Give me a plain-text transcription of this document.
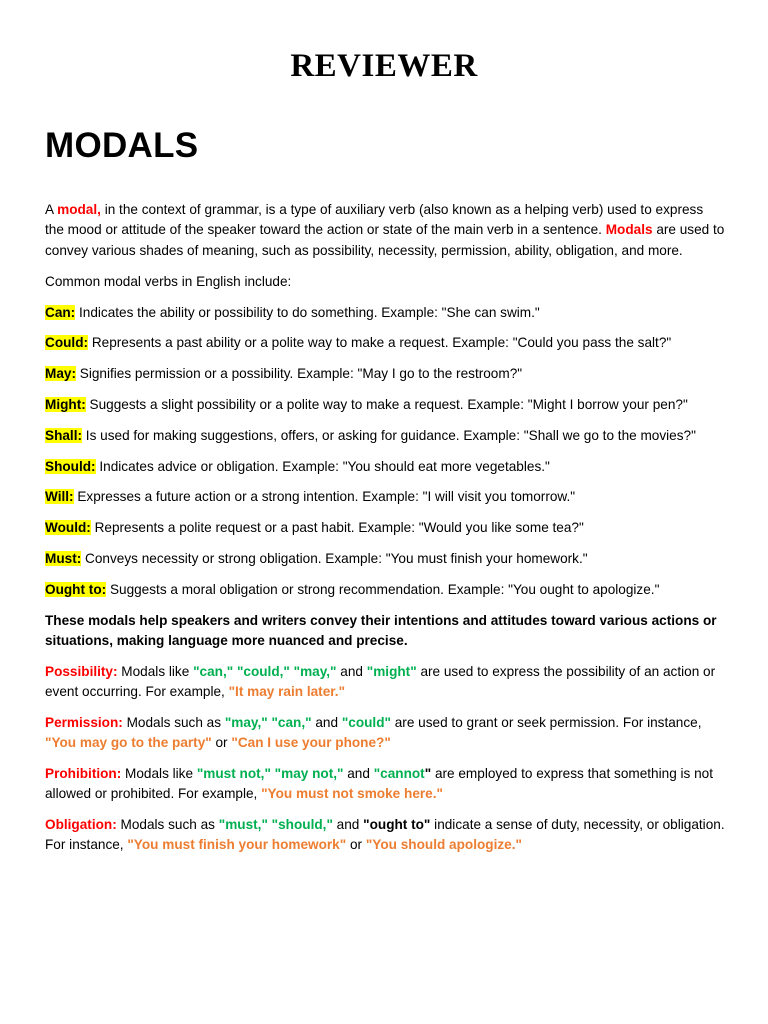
REVIEWER
MODALS

A modal, in the context of grammar, is a type of auxiliary verb (also known as a helping verb) used to express the mood or attitude of the speaker toward the action or state of the main verb in a sentence. Modals are used to convey various shades of meaning, such as possibility, necessity, permission, ability, obligation, and more.

Common modal verbs in English include:

Can: Indicates the ability or possibility to do something. Example: "She can swim."

Could: Represents a past ability or a polite way to make a request. Example: "Could you pass the salt?"

May: Signifies permission or a possibility. Example: "May I go to the restroom?"

Might: Suggests a slight possibility or a polite way to make a request. Example: "Might I borrow your pen?"

Shall: Is used for making suggestions, offers, or asking for guidance. Example: "Shall we go to the movies?"

Should: Indicates advice or obligation. Example: "You should eat more vegetables."

Will: Expresses a future action or a strong intention. Example: "I will visit you tomorrow."

Would: Represents a polite request or a past habit. Example: "Would you like some tea?"

Must: Conveys necessity or strong obligation. Example: "You must finish your homework."

Ought to: Suggests a moral obligation or strong recommendation. Example: "You ought to apologize."

These modals help speakers and writers convey their intentions and attitudes toward various actions or situations, making language more nuanced and precise.

Possibility: Modals like "can," "could," "may," and "might" are used to express the possibility of an action or event occurring. For example, "It may rain later."

Permission: Modals such as "may," "can," and "could" are used to grant or seek permission. For instance, "You may go to the party" or "Can I use your phone?"

Prohibition: Modals like "must not," "may not," and "cannot" are employed to express that something is not allowed or prohibited. For example, "You must not smoke here."

Obligation: Modals such as "must," "should," and "ought to" indicate a sense of duty, necessity, or obligation. For instance, "You must finish your homework" or "You should apologize."
